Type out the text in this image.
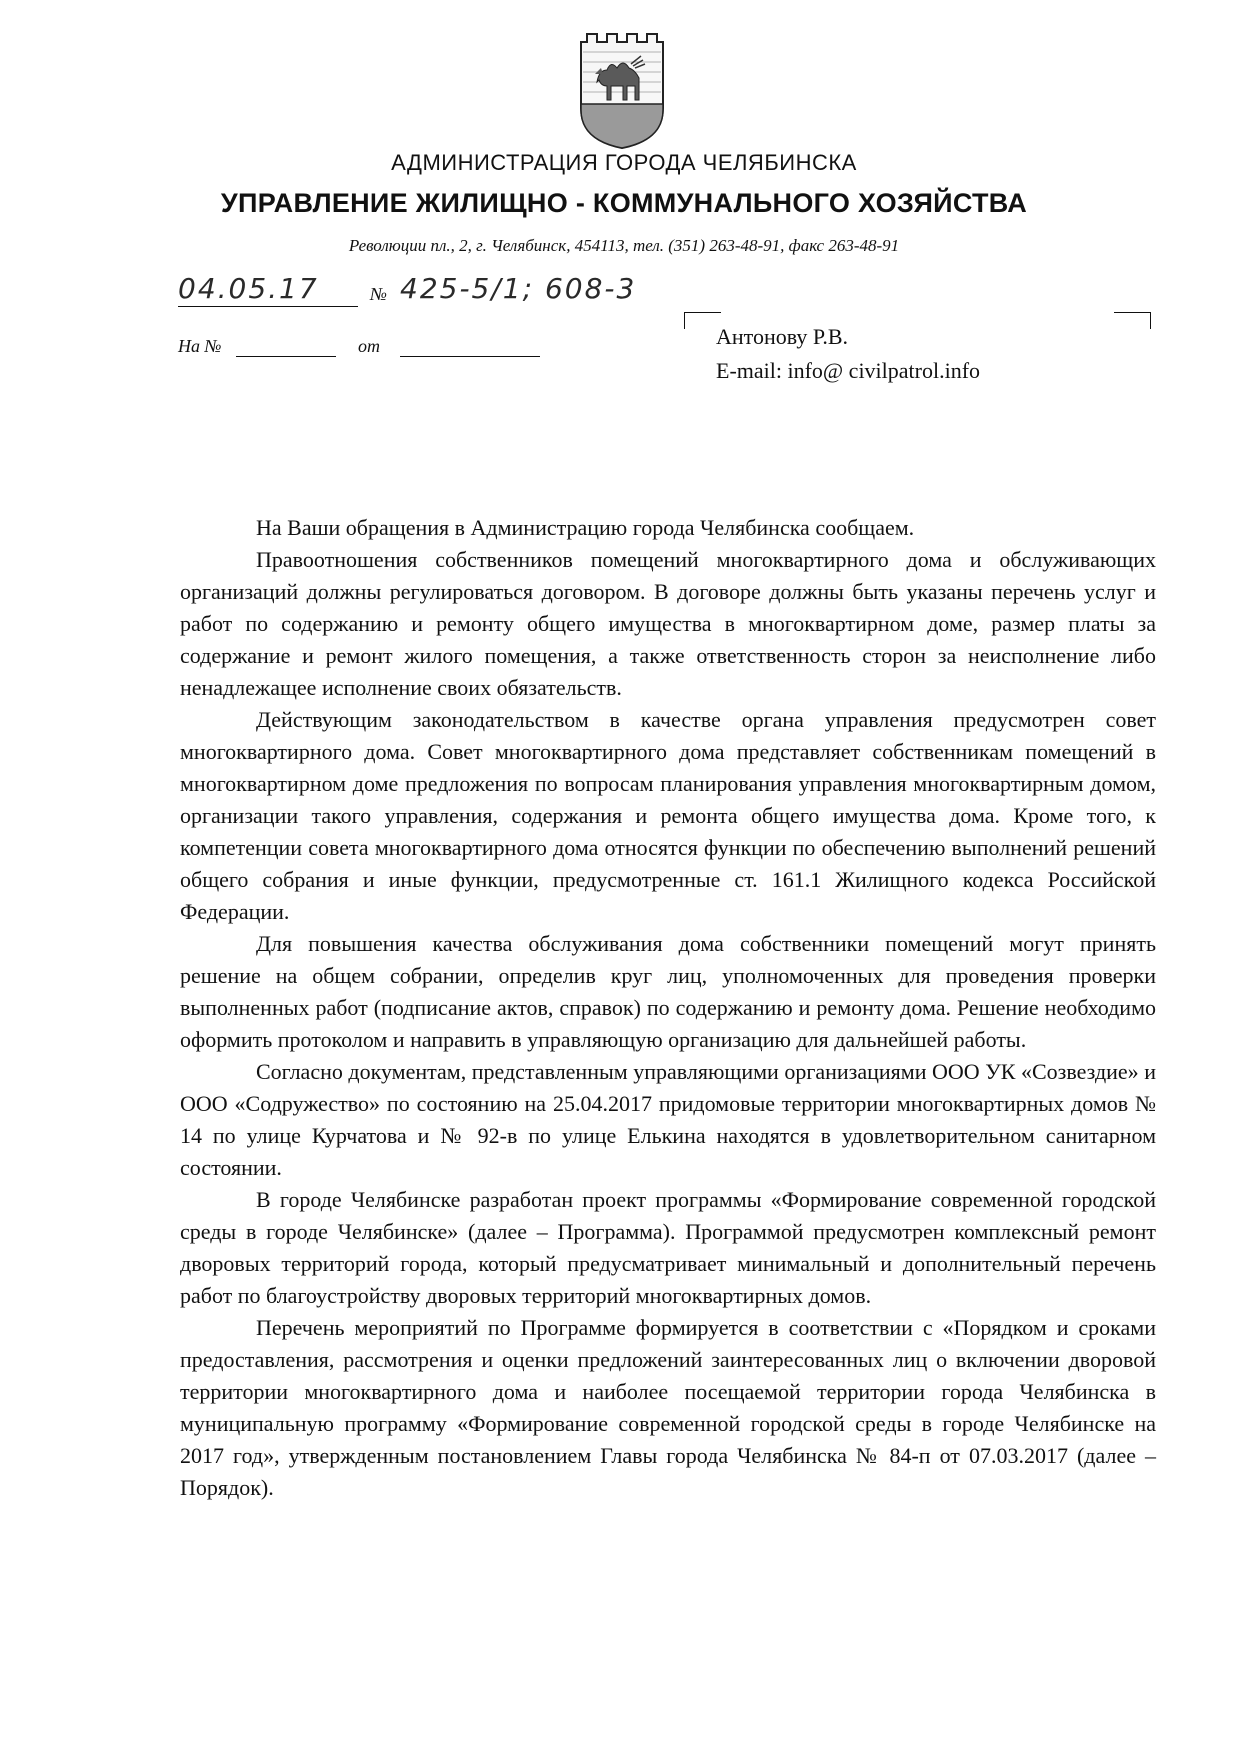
АДМИНИСТРАЦИЯ ГОРОДА ЧЕЛЯБИНСКА
УПРАВЛЕНИЕ ЖИЛИЩНО - КОММУНАЛЬНОГО ХОЗЯЙСТВА
Революции пл., 2, г. Челябинск, 454113, тел. (351) 263-48-91, факс 263-48-91
04.05.17	№ 425-5/1; 608-3
На №	от	Антонову Р.В.
E-mail: info@ civilpatrol.info

На Ваши обращения в Администрацию города Челябинска сообщаем.

Правоотношения собственников помещений многоквартирного дома и обслуживающих организаций должны регулироваться договором. В договоре должны быть указаны перечень услуг и работ по содержанию и ремонту общего имущества в многоквартирном доме, размер платы за содержание и ремонт жилого помещения, а также ответственность сторон за неисполнение либо ненадлежащее исполнение своих обязательств.

Действующим законодательством в качестве органа управления предусмотрен совет многоквартирного дома. Совет многоквартирного дома представляет собственникам помещений в многоквартирном доме предложения по вопросам планирования управления многоквартирным домом, организации такого управления, содержания и ремонта общего имущества дома. Кроме того, к компетенции совета многоквартирного дома относятся функции по обеспечению выполнений решений общего собрания и иные функции, предусмотренные ст. 161.1 Жилищного кодекса Российской Федерации.

Для повышения качества обслуживания дома собственники помещений могут принять решение на общем собрании, определив круг лиц, уполномоченных для проведения проверки выполненных работ (подписание актов, справок) по содержанию и ремонту дома. Решение необходимо оформить протоколом и направить в управляющую организацию для дальнейшей работы.

Согласно документам, представленным управляющими организациями ООО УК «Созвездие» и ООО «Содружество» по состоянию на 25.04.2017 придомовые территории многоквартирных домов № 14 по улице Курчатова и № 92-в по улице Елькина находятся в удовлетворительном санитарном состоянии.

В городе Челябинске разработан проект программы «Формирование современной городской среды в городе Челябинске» (далее – Программа). Программой предусмотрен комплексный ремонт дворовых территорий города, который предусматривает минимальный и дополнительный перечень работ по благоустройству дворовых территорий многоквартирных домов.

Перечень мероприятий по Программе формируется в соответствии с «Порядком и сроками предоставления, рассмотрения и оценки предложений заинтересованных лиц о включении дворовой территории многоквартирного дома и наиболее посещаемой территории города Челябинска в муниципальную программу «Формирование современной городской среды в городе Челябинске на 2017 год», утвержденным постановлением Главы города Челябинска № 84-п от 07.03.2017 (далее – Порядок).
